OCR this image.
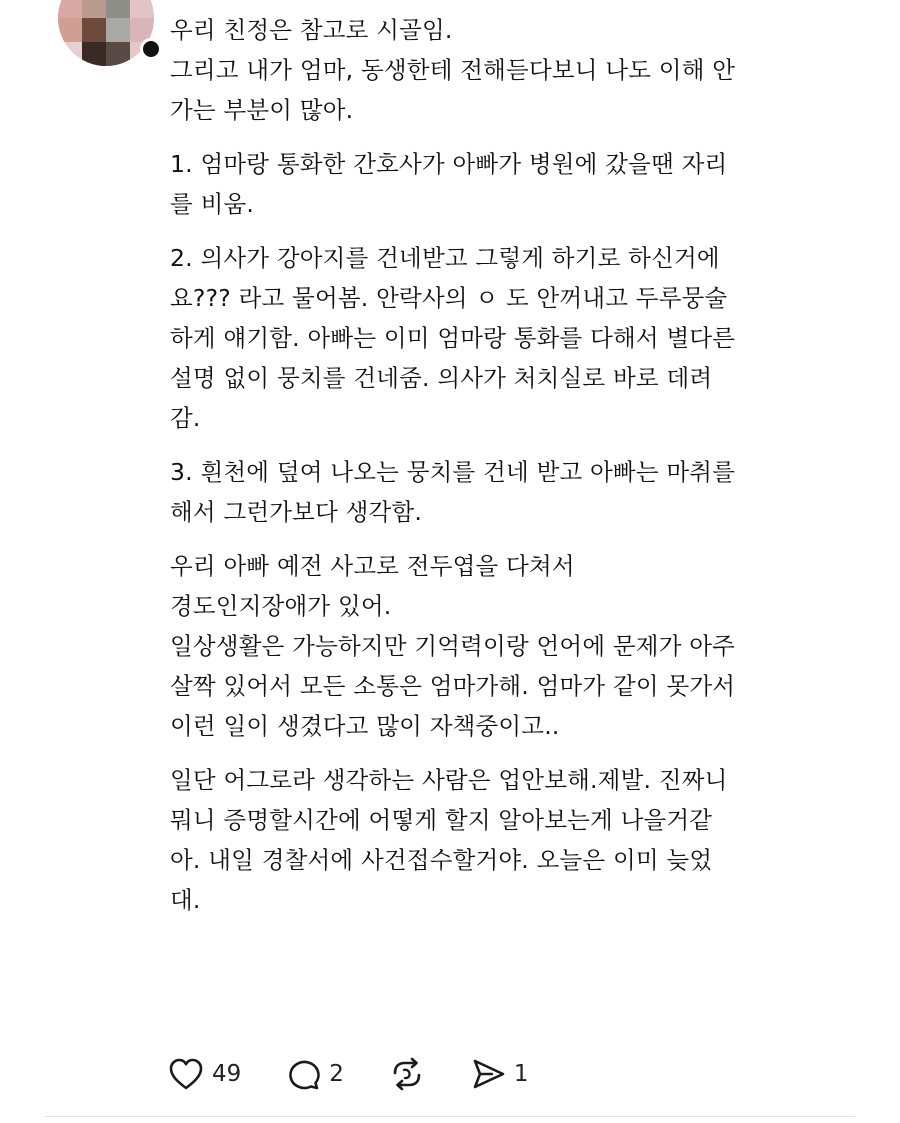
우리 친정은 참고로 시골임.
그리고 내가 엄마, 동생한테 전해듣다보니 나도 이해 안
가는 부분이 많아.

1. 엄마랑 통화한 간호사가 아빠가 병원에 갔을땐 자리
를 비움.

2. 의사가 강아지를 건네받고 그렇게 하기로 하신거에
요??? 라고 물어봄. 안락사의 ㅇ 도 안꺼내고 두루뭉술
하게 얘기함. 아빠는 이미 엄마랑 통화를 다해서 별다른
설명 없이 뭉치를 건네줌. 의사가 처치실로 바로 데려
감.

3. 흰천에 덮여 나오는 뭉치를 건네 받고 아빠는 마취를
해서 그런가보다 생각함.

우리 아빠 예전 사고로 전두엽을 다쳐서
경도인지장애가 있어.
일상생활은 가능하지만 기억력이랑 언어에 문제가 아주
살짝 있어서 모든 소통은 엄마가해. 엄마가 같이 못가서
이런 일이 생겼다고 많이 자책중이고..

일단 어그로라 생각하는 사람은 업안보해.제발. 진짜니
뭐니 증명할시간에 어떻게 할지 알아보는게 나을거같
아. 내일 경찰서에 사건접수할거야. 오늘은 이미 늦었
대.

49	2	1
